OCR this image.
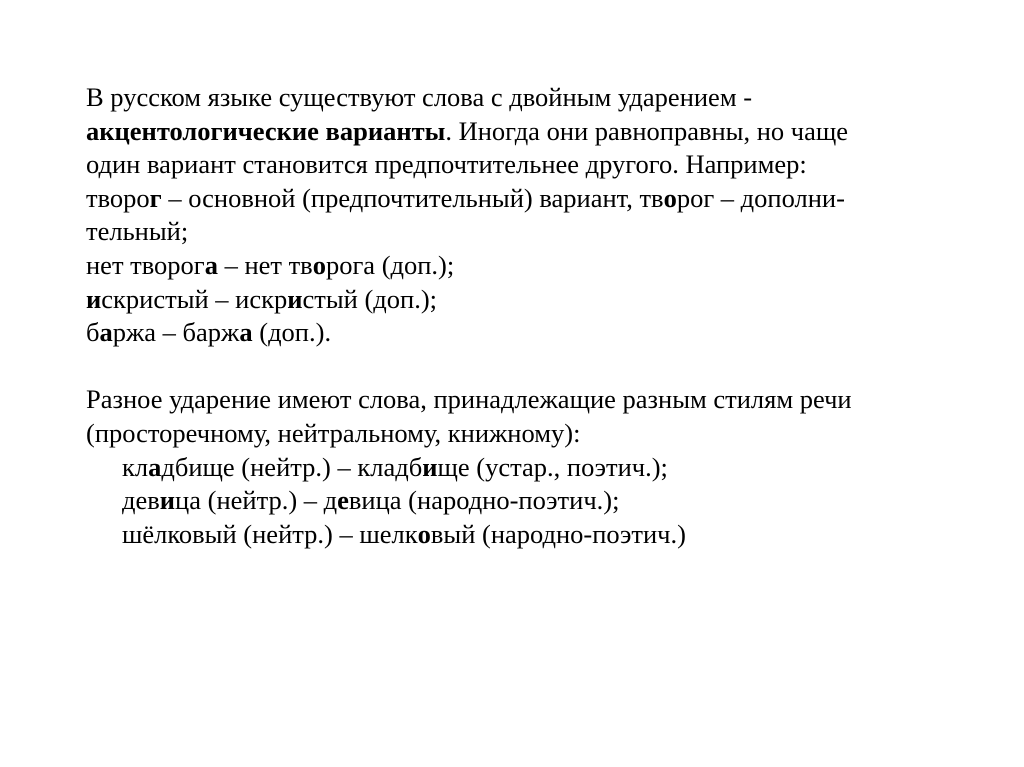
В русском языке существуют слова с двойным ударением -
акцентологические варианты. Иногда они равноправны, но чаще
один вариант становится предпочтительнее другого. Например:
творог – основной (предпочтительный) вариант, творог – дополни-
тельный;
нет творога – нет творога (доп.);
искристый – искристый (доп.);
баржа – баржа (доп.).
Разное ударение имеют слова, принадлежащие разным стилям речи
(просторечному, нейтральному, книжному):
кладбище (нейтр.) – кладбище (устар., поэтич.);
девица (нейтр.) – девица (народно-поэтич.);
шёлковый (нейтр.) – шелковый (народно-поэтич.)
